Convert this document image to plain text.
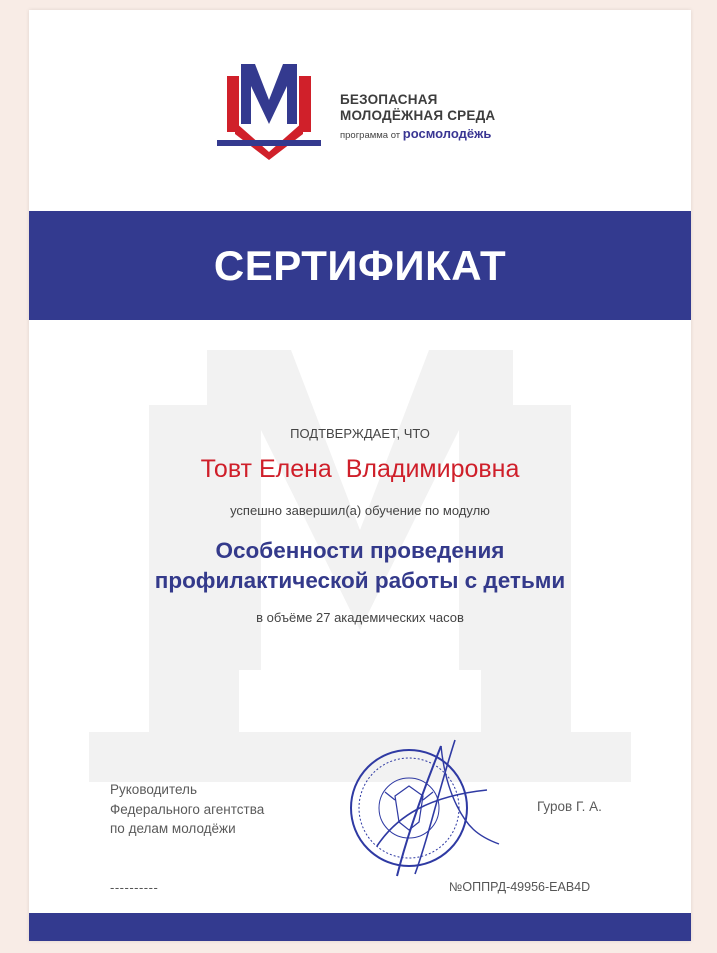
БЕЗОПАСНАЯ
МОЛОДЁЖНАЯ СРЕДА
программа от росмолодёжь
СЕРТИФИКАТ
ПОДТВЕРЖДАЕТ, ЧТО
Товт Елена  Владимировна
успешно завершил(а) обучение по модулю
Особенности проведения
профилактической работы с детьми
в объёме 27 академических часов
Руководитель
Федерального агентства
по делам молодёжи
Гуров Г. А.
----------	№ОППРД-49956-EAB4D
